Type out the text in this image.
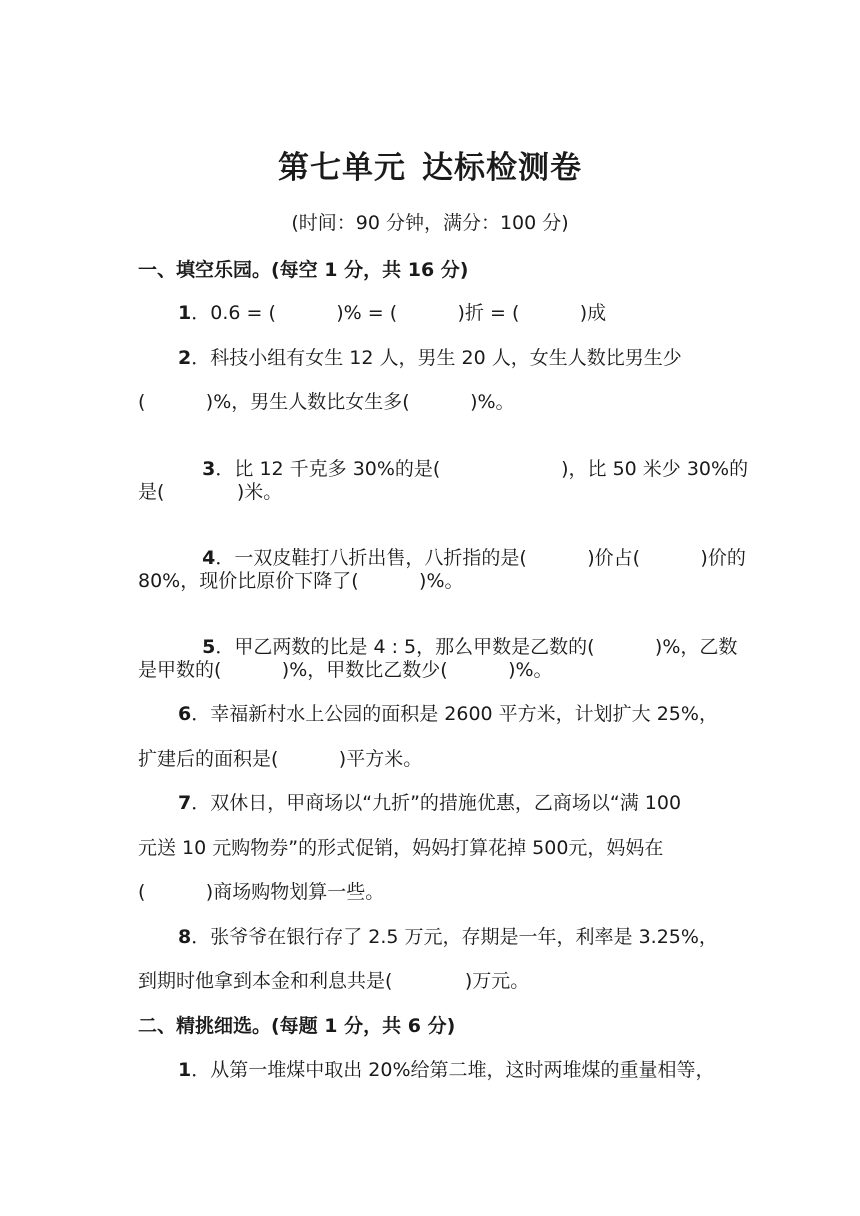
第七单元 达标检测卷
(时间：90 分钟，满分：100 分)
一、填空乐园。(每空 1 分，共 16 分)
1．0.6 = (          )% = (          )折 = (          )成
2．科技小组有女生 12 人，男生 20 人，女生人数比男生少
(          )%，男生人数比女生多(          )%。

3．比 12 千克多 30%的是(                    )，比 50 米少 30%的

是(            )米。

4．一双皮鞋打八折出售，八折指的是(          )价占(          )价的

80%，现价比原价下降了(          )%。

5．甲乙两数的比是 4 : 5，那么甲数是乙数的(          )%，乙数

是甲数的(          )%，甲数比乙数少(          )%。
6．幸福新村水上公园的面积是 2600 平方米，计划扩大 25%，
扩建后的面积是(          )平方米。
7．双休日，甲商场以“九折”的措施优惠，乙商场以“满 100
元送 10 元购物券”的形式促销，妈妈打算花掉 500元，妈妈在
(          )商场购物划算一些。
8．张爷爷在银行存了 2.5 万元，存期是一年，利率是 3.25%，
到期时他拿到本金和利息共是(            )万元。
二、精挑细选。(每题 1 分，共 6 分)
1．从第一堆煤中取出 20%给第二堆，这时两堆煤的重量相等，
